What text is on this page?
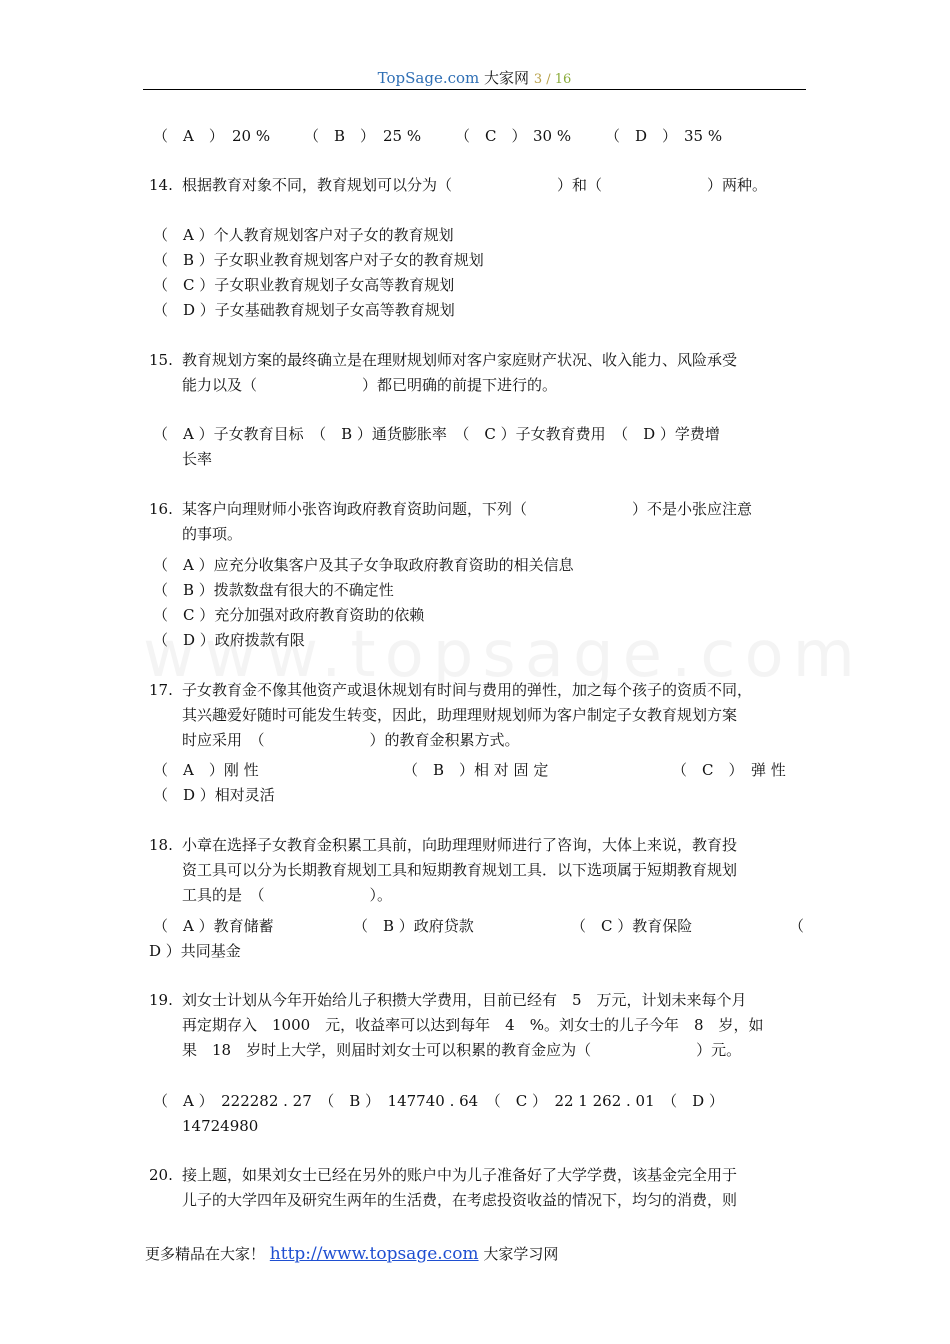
TopSage.com 大家网 3 / 16
（　A　） 20 % （　B　） 25 % （　C　） 30 % （　D　） 35 %
14. 根据教育对象不同，教育规划可以分为（　　　　　　　）和（　　　　　　　）两种。
（　A ）个人教育规划客户对子女的教育规划
（　B ）子女职业教育规划客户对子女的教育规划
（　C ）子女职业教育规划子女高等教育规划
（　D ）子女基础教育规划子女高等教育规划
15. 教育规划方案的最终确立是在理财规划师对客户家庭财产状况、收入能力、风险承受
能力以及（　　　　　　　）都已明确的前提下进行的。
（　A ）子女教育目标　（　B ）通货膨胀率　（　C ）子女教育费用　（　D ）学费增
长率
16. 某客户向理财师小张咨询政府教育资助问题，下列（　　　　　　　）不是小张应注意
的事项。
（　A ）应充分收集客户及其子女争取政府教育资助的相关信息
（　B ）拨款数盘有很大的不确定性
（　C ）充分加强对政府教育资助的依赖
（　D ）政府拨款有限
17. 子女教育金不像其他资产或退休规划有时间与费用的弹性，加之每个孩子的资质不同，
其兴趣爱好随时可能发生转变，因此，助理理财规划师为客户制定子女教育规划方案
时应采用　（　　　　　　　）的教育金积累方式。
（　A　）刚 性	（　B　）相 对 固 定	（　C　）　弹 性
（　D ）相对灵活
18. 小章在选择子女教育金积累工具前，向助理理财师进行了咨询，大体上来说，教育投
资工具可以分为长期教育规划工具和短期教育规划工具．以下选项属于短期教育规划
工具的是　（　　　　　　　）。
（　A ）教育储蓄	（　B ）政府贷款	（　C ）教育保险	（
D ）共同基金
19. 刘女士计划从今年开始给儿子积攒大学费用，目前已经有　5　万元，计划未来每个月
再定期存入　1000　元，收益率可以达到每年　4　%。刘女士的儿子今年　8　岁，如
果　18　岁时上大学，则届时刘女士可以积累的教育金应为（　　　　　　　）元。
（　A ）　222282 . 27　（　B ）　147740 . 64　（　C ）　22 1 262 . 01　（　D ）
14724980
20. 接上题，如果刘女士已经在另外的账户中为儿子准备好了大学学费，该基金完全用于
儿子的大学四年及研究生两年的生活费，在考虑投资收益的情况下，均匀的消费，则
更多精品在大家！ http://www.topsage.com 大家学习网
